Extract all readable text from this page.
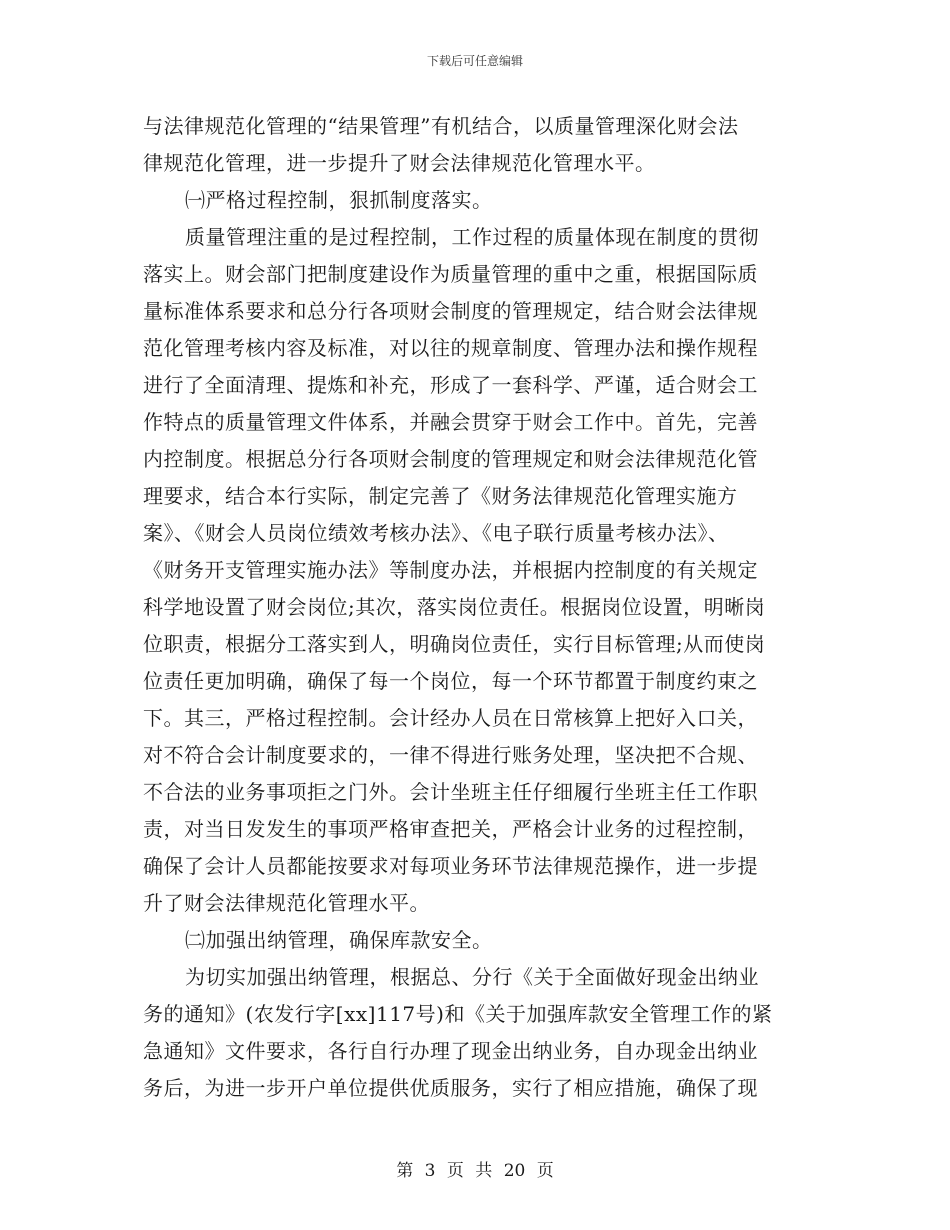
下载后可任意编辑
与法律规范化管理的“结果管理”有机结合，以质量管理深化财会法
律规范化管理，进一步提升了财会法律规范化管理水平。
㈠严格过程控制，狠抓制度落实。
质量管理注重的是过程控制，工作过程的质量体现在制度的贯彻
落实上。财会部门把制度建设作为质量管理的重中之重，根据国际质
量标准体系要求和总分行各项财会制度的管理规定，结合财会法律规
范化管理考核内容及标准，对以往的规章制度、管理办法和操作规程
进行了全面清理、提炼和补充，形成了一套科学、严谨，适合财会工
作特点的质量管理文件体系，并融会贯穿于财会工作中。首先，完善
内控制度。根据总分行各项财会制度的管理规定和财会法律规范化管
理要求，结合本行实际，制定完善了《财务法律规范化管理实施方
案》、《财会人员岗位绩效考核办法》、《电子联行质量考核办法》、
《财务开支管理实施办法》等制度办法，并根据内控制度的有关规定
科学地设置了财会岗位;其次，落实岗位责任。根据岗位设置，明晰岗
位职责，根据分工落实到人，明确岗位责任，实行目标管理;从而使岗
位责任更加明确，确保了每一个岗位，每一个环节都置于制度约束之
下。其三，严格过程控制。会计经办人员在日常核算上把好入口关，
对不符合会计制度要求的，一律不得进行账务处理，坚决把不合规、
不合法的业务事项拒之门外。会计坐班主任仔细履行坐班主任工作职
责，对当日发发生的事项严格审查把关，严格会计业务的过程控制，
确保了会计人员都能按要求对每项业务环节法律规范操作，进一步提
升了财会法律规范化管理水平。
㈡加强出纳管理，确保库款安全。
为切实加强出纳管理，根据总、分行《关于全面做好现金出纳业
务的通知》(农发行字[xx]117号)和《关于加强库款安全管理工作的紧
急通知》文件要求，各行自行办理了现金出纳业务，自办现金出纳业
务后，为进一步开户单位提供优质服务，实行了相应措施，确保了现
第 3 页 共 20 页
